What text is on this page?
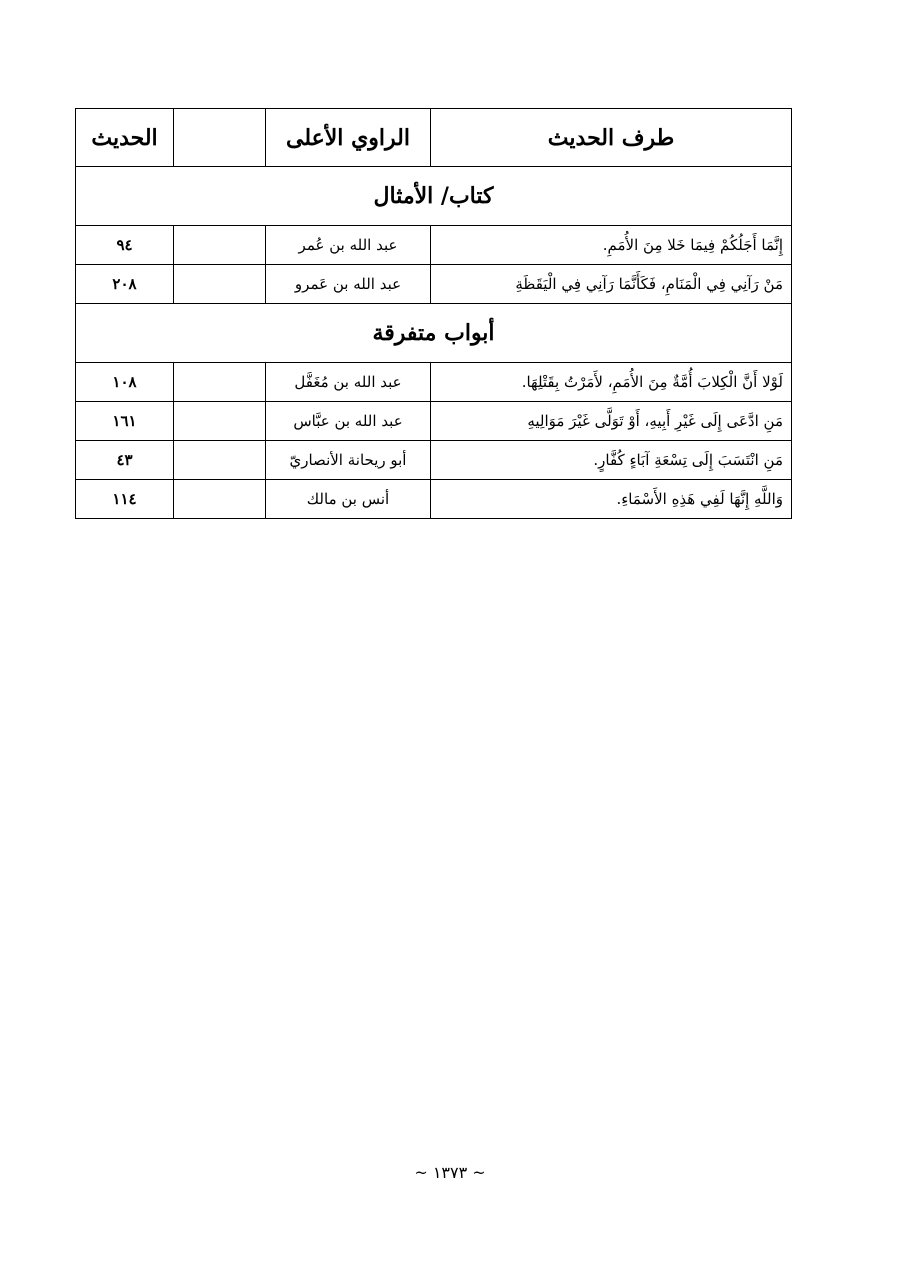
طرف الحديث	الراوي الأعلى		الحديث
كتاب/ الأمثال			
إِنَّمَا أَجَلُكُمْ فِيمَا خَلا مِنَ الأُمَمِ.	عبد الله بن عُمر		٩٤
مَنْ رَآنِي فِي الْمَنَامِ، فَكَأَنَّمَا رَآنِي فِي الْيَقَظَةِ	عبد الله بن عَمرو		٢٠٨
أبواب متفرقة			
لَوْلا أَنَّ الْكِلابَ أُمَّةٌ مِنَ الأُمَمِ، لأَمَرْتُ بِقَتْلِهَا.	عبد الله بن مُغَفَّل		١٠٨
مَنِ ادَّعَى إِلَى غَيْرِ أَبِيهِ، أَوْ تَوَلَّى غَيْرَ مَوَالِيهِ	عبد الله بن عبَّاس		١٦١
مَنِ انْتَسَبَ إِلَى تِسْعَةِ آبَاءٍ كُفَّارٍ.	أبو ريحانة الأنصاريّ		٤٣
وَاللَّهِ إِنَّهَا لَفِي هَذِهِ الأَسْمَاءِ.	أنس بن مالك		١١٤
~ ١٣٧٣ ~
